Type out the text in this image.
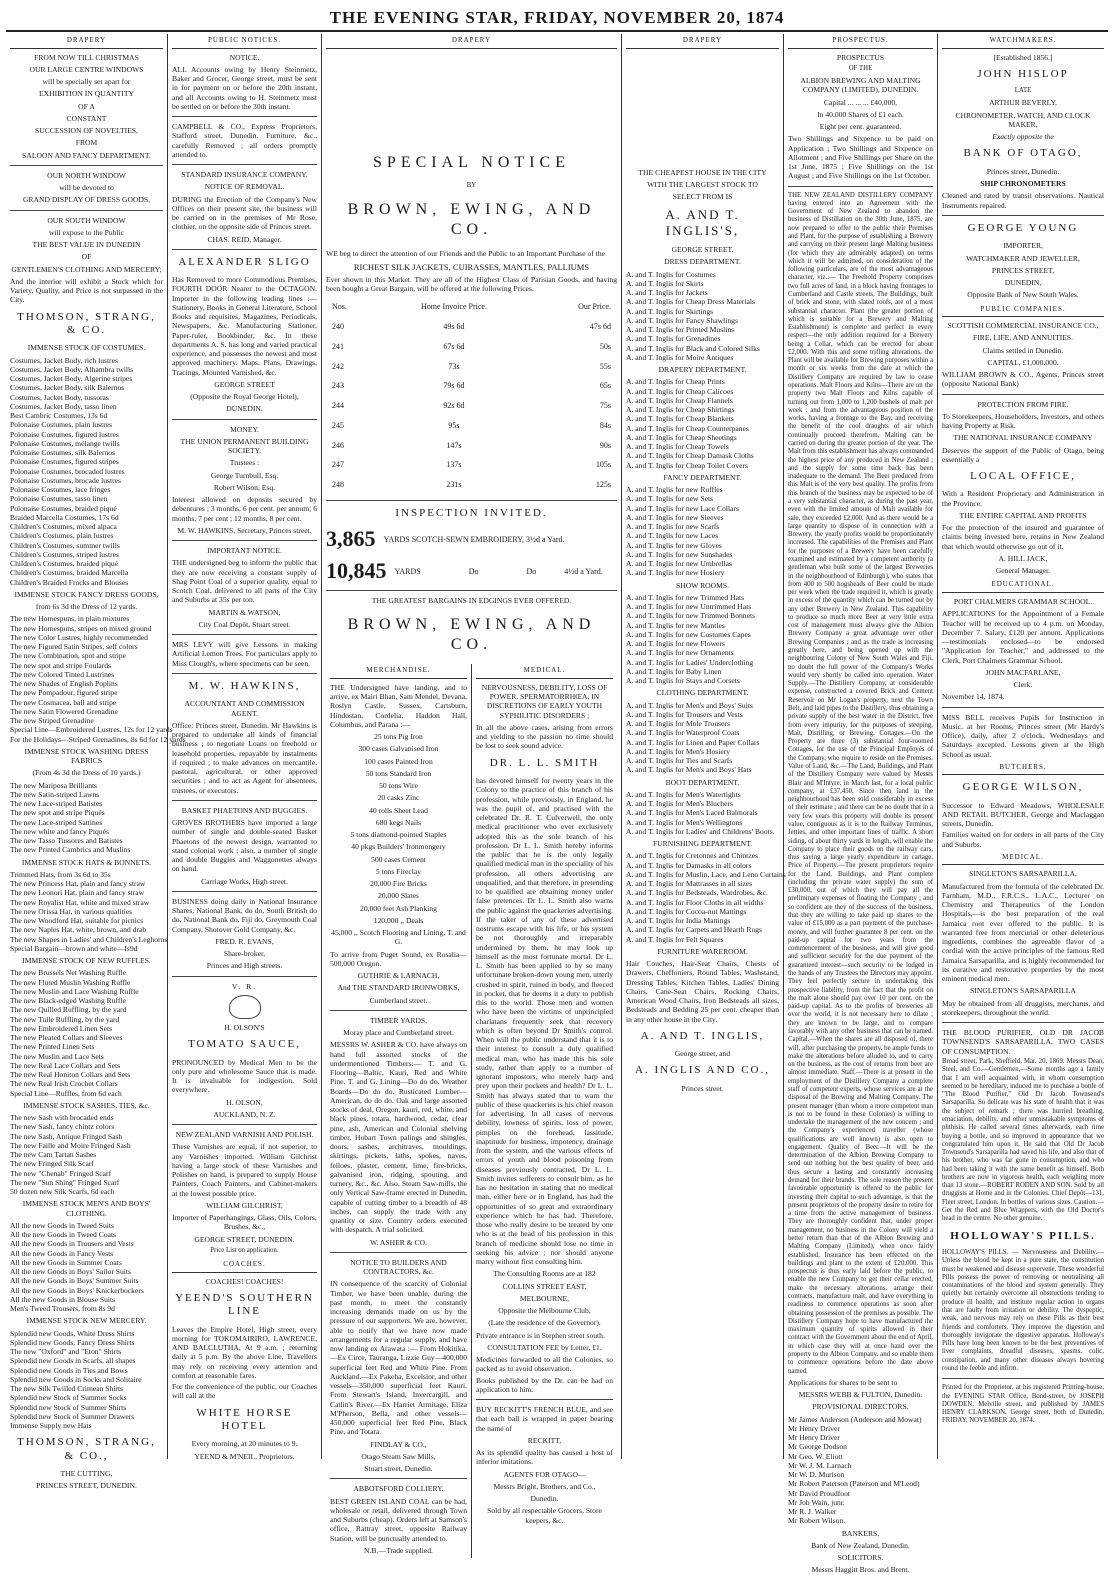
THE EVENING STAR, FRIDAY, NOVEMBER 20, 1874
DRAPERY
FROM NOW TILL CHRISTMAS
OUR LARGE CENTRE WINDOWS
will be specially set apart for
EXHIBITION IN QUANTITY
OF A
CONSTANT
SUCCESSION OF NOVELTIES,
FROM
SALOON AND FANCY DEPARTMENT.
OUR NORTH WINDOW
will be devoted to
GRAND DISPLAY OF DRESS GOODS,
OUR SOUTH WINDOW
will expose to the Public
THE BEST VALUE IN DUNEDIN
OF
GENTLEMEN'S CLOTHING AND MERCERY;

And the interior will exhibit a Stock which for Variety, Quality, and Price is not surpassed in the City.

THOMSON, STRANG, & CO.
IMMENSE STOCK OF COSTUMES.
Costumes, Jacket Body, rich lustres
Costumes, Jacket Body, Alhambra twills
Costumes, Jacket Body, Algerine stripes
Costumes, Jacket Body, silk Balernos
Costumes, Jacket Body, tussoras
Costumes, Jacket Body, tasso linen
Best Cambric Costumes, 13s 6d
Polonaise Costumes, plain lustres
Polonaise Costumes, figured lustres
Polonaise Costumes, mélange twills
Polonaise Costumes, silk Balernos
Polonaise Costumes, figured stripes
Polonaise Costumes, brocaded lustres
Polonaise Costumes, brocade lustres
Polonaise Costumes, lace fringes
Polonaise Costumes, tasso linen
Polonaise Costumes, braided piqué
Braided Marcella Costumes, 17s 6d
Children's Costumes, mixed alpaca
Children's Costumes, plain lustres
Children's Costumes, summer twills
Children's Costumes, striped lustres
Children's Costumes, braided piqué
Children's Costumes, braided Marcella
Children's Braided Frocks and Blouses
IMMENSE STOCK FANCY DRESS GOODS,
from 6s 3d the Dress of 12 yards.
The new Homespuns, in plain mixtures
The new Homespuns, stripes on mixed ground
The new Color Lustres, highly recommended
The new Figured Satin Stripes, self colors
The new Combination, spot and stripe
The new spot and stripe Foulards
The new Colored Tinted Lustrines
The new Shades of English Poplins
The new Pompadour, figured stripe
The new Cosmacea, ball and stripe
The new Satin Flowered Grenadine
The new Striped Grenadine
Special Line—Embroidered Lustres, 12s for 12 yards
For the Holidays—Striped Grenadines, 8s 6d for 12 yards
IMMENSE STOCK WASHING DRESS FABRICS
(From 4s 3d the Dress of 10 yards.)
The new Mariposa Brilliants
The new Satin-striped Lawns
The new Lace-striped Batistes
The new spot and stripe Piqués
The new Lace-striped Sattines
The new white and fancy Piqués
The new Tasso Tussores and Batistes
The new Printed Cambrics and Muslins
IMMENSE STOCK HATS & BONNETS.
Trimmed Hats, from 3s 6d to 35s
The new Princess Hat, plain and fancy straw
The new Leonori Hat, plain and fancy straw
The new Royalist Hat, white and mixed straw
The new Orissa Hat, in various qualities
The new Woodford Hat, suitable for picnics
The new Naples Hat, white, brown, and drab
The new Shapes in Ladies' and Children's Leghorns
Special Bargain—brown and white—Is9d
IMMENSE STOCK OF NEW RUFFLES.
The new Brussels Net Washing Ruffle
The new Fluted Muslin Washing Ruffle
The new Muslin and Lace Washing Ruffle
The new Black-edged Washing Ruffle
The new Quilled Ruffling, by the yard
The new Tulle Ruffling, by the yard
The new Embroidered Linen Sets
The new Pleated Collars and Sleeves
The new Printed Linen Sets
The new Muslin and Lace Sets
The new Real Lace Collars and Sets
The new Real Honiton Collars and Sets
The new Real Irish Crochet Collars
Special Line—Ruffles, from 6d each
IMMENSE STOCK SASHES, TIES, &c.
The new Sash with brocaded ends
The new Sash, fancy chintz colors
The new Sash, Antique Fringed Sash
The new Faille and Moire Fringed Sash
The new Cam Tartan Sashes
The new Fringed Silk Scarf
The new "Chenab" Fringed Scarf
The new "Sun Shing" Fringed Scarf
50 dozen new Silk Scarfs, 6d each
IMMENSE STOCK MEN'S AND BOYS' CLOTHING.
All the new Goods in Tweed Suits
All the new Goods in Tweed Coats
All the new Goods in Trousers and Vests
All the new Goods in Fancy Vests
All the new Goods in Summer Coats
All the new Goods in Boys' Sailor Suits
All the new Goods in Boys' Summer Suits
All the new Goods in Boys' Knickerbockers
All the new Goods in Blouse Suits
Men's Tweed Trousers, from 8s 9d
IMMENSE STOCK NEW MERCERY.
Splendid new Goods, White Dress Shirts
Splendid new Goods, Fancy Dress Shirts
The new "Oxford" and "Eton" Shirts
Splendid new Goods in Scarfs, all shapes
Splendid new Goods in Ties and Bows
Splendid new Goods in Socks and Solitaire
The new Silk Twilled Crimean Shirts
Splendid new Stock of Summer Socks
Splendid new Stock of Summer Shirts
Splendid new Stock of Summer Drawers
Immense Supply new Hats
THOMSON, STRANG, & CO.,
THE CUTTING,
PRINCES STREET, DUNEDIN.
PUBLIC NOTICES.
NOTICE.

ALL Accounts owing by Henry Steinmetz, Baker and Grocer, George street, must be sent in for payment on or before the 20th instant, and all Accounts owing to H. Steinmetz must be settled on or before the 30th instant.

CAMPBELL & CO., Express Proprietors, Stafford street, Dunedin. Furniture, &c., carefully Removed ; all orders promptly attended to.

STANDARD INSURANCE COMPANY.
NOTICE OF REMOVAL.

DURING the Erection of the Company's New Offices on their present site, the business will be carried on in the premises of Mr Rose, clothier, on the opposite side of Princes street.

CHAS. REID, Manager.
ALEXANDER SLIGO

Has Removed to more Commodious Premises, FOURTH DOOR Nearer to the OCTAGON. Importer in the following leading lines :— Stationery, Books in General Literature, School Books and requisites, Magazines, Periodicals, Newspapers, &c. Manufacturing Stationer, Paper-ruler, Bookbinder, &c. In these departments A. S. has long and varied practical experience, and possesses the newest and most approved machinery. Maps, Plans, Drawings, Tracings, Mounted Varnished, &c.

GEORGE STREET
(Opposite the Royal George Hotel),
DUNEDIN.
MONEY.
THE UNION PERMANENT BUILDING SOCIETY.
Trustees :
George Turnbull, Esq.
Robert Wilson, Esq.

Interest allowed on deposits secured by debentures ; 3 months, 6 per cent. per annum; 6 months, 7 per cent ; 12 months, 8 per cent.

M. W. HAWKINS, Secretary, Princes street.
IMPORTANT NOTICE.

THE undersigned beg to inform the public that they are now receiving a constant supply of Shag Point Coal of a superior quality, equal to Scotch Coal, delivered to all parts of the City and Suburbs at 35s per ton.

MARTIN & WATSON,
City Coal Depôt, Stuart street.

MRS LEVY will give Lessons in making Artificial Lemon Trees. For particulars apply to Miss Clough's, where specimens can be seen.

M. W. HAWKINS,
ACCOUNTANT AND COMMISSION AGENT.

Office: Princes street, Dunedin. Mr Hawkins is prepared to undertake all kinds of financial business ; to negotiate Loans on freehold or leasehold properties, repayable by instalments if required ; to make advances on mercantile, pastoral, agricultural, or other approved securities ; and to act as Agent for absentees, trustees, or executors.

BASKET PHAETONS AND BUGGIES.

GROVES BROTHERS have imported a large number of single and double-seated Basket Phaetons of the newest design, warranted to stand colonial work ; also, a number of single and double Buggies and Waggonettes always on hand.

Carriage Works, High street.

BUSINESS doing daily in National Insurance Shares, National Bank, do do, South British do do, National Bank do, Fiji do, Greymouth Coal Company, Shotover Gold Company, &c.

FRED. R. EVANS,
Share-broker,
Princes and High streets.
V. R.
H. OLSON'S
TOMATO SAUCE,

PRONOUNCED by Medical Men to be the only pure and wholesome Sauce that is made. It is invaluable for indigestion. Sold everywhere.

H. OLSON,
AUCKLAND, N. Z.
NEW ZEALAND VARNISH AND POLISH.

These Varnishes are equal, if not superior, to any Varnishes imported. William Gilchrist having a large stock of these Varnishes and Polishes on hand, is prepared to supply House Painters, Coach Painters, and Cabinet-makers at the lowest possible price.

WILLIAM GILCHRIST,
Importer of Paperhangings, Glass, Oils, Colors, Brushes, &c.,
GEORGE STREET, DUNEDIN.
Price List on application.
COACHES.
COACHES! COACHES!
YEEND'S SOUTHERN LINE

Leaves the Empire Hotel, High street, every morning for TOKOMAIRIRO, LAWRENCE, AND BALCLUTHA, At 9 a.m. ; returning daily at 5 p.m. By the above Line, Travellers may rely on receiving every attention and comfort at reasonable fares.

For the convenience of the public, our Coaches will call at the

WHITE HORSE HOTEL
Every morning, at 20 minutes to 9.
YEEND & M'NEIL, Proprietors.
DRAPERY
SPECIAL NOTICE
BY
BROWN, EWING, AND CO.

WE beg to direct the attention of our Friends and the Public to an Important Purchase of the

RICHEST SILK JACKETS, CUIRASSES, MANTLES, PALLIUMS

Ever shown in this Market. They are all of the Highest Class of Parisian Goods, and having been bought a Great Bargain, will be offered at the following Prices.

Nos.	Home Invoice Price.	Our Price.
240	49s 6d	47s 6d
241	67s 6d	50s
242	73s	55s
243	79s 6d	65s
244	92s 6d	75s
245	95s	84s
246	147s	90s
247	137s	105s
248	231s	125s
INSPECTION INVITED.
3,865 YARDS SCOTCH-SEWN EMBROIDERY, 3½d a Yard.
10,845 YARDS	Do	Do	4½d a Yard.
THE GREATEST BARGAINS IN EDGINGS EVER OFFERED.
BROWN, EWING, AND CO.
MERCHANDISE.

THE Undersigned have landing, and to arrive, ex Mairi Bhan, Sam Mendel, Devana, Roslyn Castle, Sussex, Cartsburn, Hindostan, Cordelia, Haddon Hall, Columbus, and Parana :—

25 tons Pig Iron
300 cases Galvanised Iron
100 cases Painted Iron
50 tons Standard Iron
50 tons Wire
20 casks Zinc
40 rolls Sheet Lead
680 kegs Nails
5 tons diamond-pointed Staples
40 pkgs Builders' Ironmongery
500 cases Cement
5 tons Fireclay
20,000 Fire Bricks
20,000 Slates
20,000 feet Ash Planking
120,000 ,, Deals
45,000 ,, Scotch Flooring and Lining, T. and G.

To arrive from Puget Sound, ex Rosalia—500,000 Oregon.

GUTHRIE & LARNACH,
And THE STANDARD IRONWORKS,
Cumberland street.
TIMBER YARDS,
Moray place and Cumberland street.

MESSRS W. ASHER & CO. have always on hand full assorted stocks of the undermentioned Timbers:— T. and G. Flooring—Baltic, Kauri, Red and White Pine. T. and G. Lining—Do do do. Weather Boards—Do do do. Rusticated Lumber—American, do do do. Oak and large assorted stocks of deal, Oregon, kauri, red, white, and black pines, totara, hardwood, cedar, clear pine, ash, American and Colonial shelving timber, Hobart Town palings and shingles, doors, sashes, architraves, mouldings, skirtings, pickets, laths, spokes, naves, felloes, plaster, cement, lime, fire-bricks, galvanised iron, ridging, spouting, and turnery, &c., &c. Also, Steam Saw-mills, the only Vertical Saw-frame erected in Dunedin, capable of cutting timber to a breadth of 48 inches, can supply the trade with any quantity or size. Country orders executed with despatch. A trial solicited.

W. ASHER & CO.
NOTICE TO BUILDERS AND CONTRACTORS, &c.

IN consequence of the scarcity of Colonial Timber, we have been unable, during the past month, to meet the constantly increasing demands made on us by the pressure of our supporters. We are, however, able to notify that we have now made arrangements for a regular supply, and have now landing ex Arawata :— From Hokitika.—Ex Circe, Tauranga, Lizzie Guy—400,000 superficial feet Red and White Pine. From Auckland.—Ex Pakeha, Excelsior, and other vessels—350,000 superficial feet Kauri. From Stewart's Island, Invercargill, and Catlin's River.—Ex Harriet Armitage, Eliza M'Pherson, Bella, and other vessels—450,000 superficial feet Red Pine, Black Pine, and Totara.

FINDLAY & CO.,
Otago Steam Saw Mills,
Stuart street, Dunedin.
ABBOTSFORD COLLIERY.

BEST GREEN ISLAND COAL can be had, wholesale or retail, delivered through Town and Suburbs (cheap). Orders left at Samson's office, Rattray street, opposite Railway Station, will be punctually attended to.

N.B.—Trade supplied.
MEDICAL.
NERVOUSNESS, DEBILITY, LOSS OF POWER, SPERMATORRHŒA, IN DISCRETIONS OF EARLY YOUTH SYPHILITIC DISORDERS ;

In all the above cases, arising from errors and yielding to the passion no time should be lost to seek sound advice.

DR. L. L. SMITH

has devoted himself for twenty years in the Colony to the practice of this branch of his profession, while previously, in England, he was the pupil of, and practised with the celebrated Dr. R. T. Culverwell, the only medical practitioner who ever exclusively adopted this as the sole branch of his profession. Dr L. L. Smith hereby informs the public that he is the only legally qualified medical man in the speciality of his profession, all others advertising are unqualified, and that therefore, in pretending to be qualified are obtaining money under false pretences. Dr L. L. Smith also warns the public against the quackeries advertising. If the taker of any of these advertised nostrums escape with his life, or his system be not thoroughly and irreparably undermined by them, he may look up himself as the most fortunate mortal. Dr L. L. Smith has been applied to by so many unfortunate broken-down young men, utterly crushed in spirit, ruined in body, and fleeced in pocket, that he deems it a duty to publish this to the world. Those men and women who have been the victims of unprincipled charlatans frequently seek that recovery which is often beyond Dr Smith's control. When will the public understand that it is to their interest to consult a duly qualified medical man, who has made this his sole study, rather than apply to a number of ignorant impostors, who merely harp and prey upon their pockets and health? Dr L. L. Smith has always stated that to warn the public of these quackeries is his chief reason for advertising. In all cases of nervous debility, lowness of spirits, loss of power, pimples on the forehead, lassitude, inaptitude for business, impotency, drainage from the system, and the various effects of errors of youth and blood poisoning from diseases previously contracted, Dr L. L. Smith invites sufferers to consult him, as he has no hesitation in stating that no medical man, either here or in England, has had the opportunities of so great and extraordinary experience which he has had. Therefore, those who really desire to be treated by one who is at the head of his profession in this branch of medicine should lose no time in seeking his advice ; nor should anyone marry without first consulting him.

The Consulting Rooms are at 182
COLLINS STREET EAST,
MELBOURNE,
Opposite the Melbourne Club,
(Late the residence of the Governor).

Private entrance is in Stephen street south.

CONSULTATION FEE by Letter, £1.

Medicines forwarded to all the Colonies, so packed as to avoid observation.

Books published by the Dr. can be had on application to him.

BUY RECKITT'S FRENCH BLUE, and see that each ball is wrapped in paper bearing the name of

RECKITT,

As its splendid quality has caused a host of inferior imitations.

AGENTS FOR OTAGO—
Messrs Bright, Brothers, and Co.,
Dunedin.
Sold by all respectable Grocers, Store keepers, &c.
DRAPERY
THE CHEAPEST HOUSE IN THE CITY
WITH THE LARGEST STOCK TO
SELECT FROM IS
A. AND T. INGLIS'S,
GEORGE STREET.
DRESS DEPARTMENT.
A. and T. Inglis for Costumes
A. and T. Inglis for Skirts
A. and T. Inglis for Jackets
A. and T. Inglis for Cheap Dress Materials
A. and T. Inglis for Skirtings
A. and T. Inglis for Fancy Shawlings
A. and T. Inglis for Printed Muslins
A. and T. Inglis for Grenadines
A. and T. Inglis for Black and Colored Silks
A. and T. Inglis for Moire Antiques
DRAPERY DEPARTMENT.
A. and T. Inglis for Cheap Prints
A. and T. Inglis for Cheap Calicoes
A. and T. Inglis for Cheap Flannels
A. and T. Inglis for Cheap Shirtings
A. and T. Inglis for Cheap Blankets
A. and T. Inglis for Cheap Counterpanes
A. and T. Inglis for Cheap Sheetings
A. and T. Inglis for Cheap Towels
A. and T. Inglis for Cheap Damask Cloths
A. and T. Inglis for Cheap Toilet Covers
FANCY DEPARTMENT.
A. and T. Inglis for new Ruffles
A. and T. Inglis for new Sets
A. and T. Inglis for new Lace Collars
A. and T. Inglis for new Sleeves
A. and T. Inglis for new Scarfs
A. and T. Inglis for new Laces
A. and T. Inglis for new Gloves
A. and T. Inglis for new Sunshades
A. and T. Inglis for new Umbrellas
A. and T. Inglis for new Hosiery
SHOW ROOMS.
A. and T. Inglis for new Trimmed Hats
A. and T. Inglis for new Untrimmed Hats
A. and T. Inglis for new Trimmed Bonnets
A. and T. Inglis for new Mantles
A. and T. Inglis for new Costumes Capes
A. and T. Inglis for new Flowers
A. and T. Inglis for new Ornaments
A. and T. Inglis for Ladies' Underclothing
A. and T. Inglis for Baby Linen
A. and T. Inglis for Stays and Corsets
CLOTHING DEPARTMENT.
A. and T. Inglis for Men's and Boys' Suits
A. and T. Inglis for Trousers and Vests
A. and T. Inglis for Mole Trousers
A. and T. Inglis for Waterproof Coats
A. and T. Inglis for Linen and Paper Collars
A. and T. Inglis for Men's Hosiery
A. and T. Inglis for Ties and Scarfs
A. and T. Inglis for Men's and Boys' Hats
BOOT DEPARTMENT.
A. and T. Inglis for Men's Watertights
A. and T. Inglis for Men's Bluchers
A. and T. Inglis for Men's Laced Balmorals
A. and T. Inglis for Men's Wellingtons
A. and T. Inglis for Ladies' and Childrens' Boots.
FURNISHING DEPARTMENT.
A. and T. Inglis for Cretonnes and Chintzes
A. and T. Inglis for Damasks in all colors
A. and T. Inglis for Muslin, Lace, and Leno Curtains
A. and T. Inglis for Mattrasses in all sizes
A. and T. Inglis for Bedsteads, Wardrobes, &c.
A. and T. Inglis for Floor Cloths in all widths
A. and T. Inglis for Cocoa-nut Mattings
A. and T. Inglis for India Mattings
A. and T. Inglis for Carpets and Hearth Rugs
A. and T. Inglis for Felt Squares
FURNITURE WAREROOM.

Hair Couches, Hair-Seat Chairs, Chests of Drawers, Cheffoniers, Round Tables, Washstand, Dressing Tables, Kitchen Tables, Ladies' Dining Chairs, Cane-Seat Chairs, Rocking Chairs, American Wood Chairs, Iron Bedsteads all sizes, Bedsteads and Bedding 25 per cent. cheaper than in any other house in the City.

A. AND T. INGLIS,
George street, and
A. INGLIS AND CO.,
Princes street.
PROSPECTUS.
PROSPECTUS
OF THE
ALBION BREWING AND MALTING COMPANY (LIMITED), DUNEDIN.
Capital ... ... ... £40,000,
In 40,000 Shares of £1 each.
Eight per cent. guaranteed.

Two Shillings and Sixpence to be paid on Application ; Two Shillings and Sixpence on Allotment ; and Five Shillings per Share on the 1st June, 1875 ; Five Shillings on the 1st August ; and Five Shillings on the 1st October.

THE NEW ZEALAND DISTILLERY COMPANY having entered into an Agreement with the Government of New Zealand to abandon the business of Distillation on the 30th June, 1875, are now prepared to offer to the public their Premises and Plant, for the purpose of establishing a Brewery and carrying on their present large Malting business (for which they are admirably adapted) on terms which it will be admitted, on consideration of the following particulars, are of the most advantageous character, viz.:— The Freehold Property comprises two full acres of land, in a block having frontages to Cumberland and Castle streets. The Buildings, built of brick and stone, with slated roofs, are of a most substantial character. Plant (the greater portion of which is suitable for a Brewery and Malting Establishment) is complete and perfect in every respect—the only addition required for a Brewery being a Cellar, which can be erected for about £2,000. With this and some trifling alterations, the Plant will be available for Brewing purposes within a month or six weeks from the date at which the Distillery Company are required by law to cease operations. Malt Floors and Kilns—There are on the property two Malt Floors and Kilns capable of turning out from 1,000 to 1,200 bushels of malt per week ; and from the advantageous position of the works, having a frontage to the Bay, and receiving the benefit of the cool draughts of air which continually proceed therefrom, Malting can be carried on during the greater portion of the year. The Malt from this establishment has always commanded the highest price of any produced in New Zealand ; and the supply for some time back has been inadequate to the demand. The Beer produced from this Malt is of the very best quality. The profits from this branch of the business may be expected to be of a very substantial character, as during the past year, even with the limited amount of Malt available for sale, they exceeded £2,000. And as there would be a large quantity to dispose of in connection with a Brewery, the yearly profits would be proportionately increased. The capabilities of the Premises and Plant for the purposes of a Brewery have been carefully examined and estimated by a competent authority (a gentleman who built some of the largest Breweries in the neighbourhood of Edinburgh), who states that from 400 to 500 hogsheads of Beer could be made per week when the trade required it, which is greatly in excess of the quantity which can be turned out by any other Brewery in New Zealand. This capability to produce so much more Beer at very little extra cost of management must always give the Albion Brewery Company a great advantage over other Brewing Companies ; and as the trade is increasing greatly here, and being opened up with the neighbouring Colony of New South Wales and Fiji, no doubt the full power of the Company's Works would very shortly be called into operation. Water Supply.—The Distillery Company, at considerable expense, constructed a covered Brick and Cement Reservoir on Mr Logan's property, next the Town Belt, and laid pipes to the Distillery, thus obtaining a private supply of the best water in the District, free from every impurity, for the purposes of steeping, Malt, Distilling, or Brewing. Cottages.—On the Property are three (3) substantial four-roomed Cottages, for the use of the Principal Employés of the Company, who require to reside on the Premises. Value of Land, &c.—The Land, Buildings, and Plant of the Distillery Company were valued by Messrs Blair and M'Intyre, in March last, for a local public company, at £37,450. Since then land in the neighbourhood has been sold considerably in excess of their estimate ; and there can be no doubt that in a very few years this property will double its present value, contiguous as it is to the Railway Terminus, Jetties, and other important lines of traffic. A short siding, of about thirty yards in length, will enable the Company to place their goods on the railway cars, thus saving a large yearly expenditure in cartage. Price of Property.—The present proprietors require for the Land, Buildings, and Plant complete (including the private water supply) the sum of £30,000, out of which they will pay all the preliminary expenses of floating the Company ; and so confident are they of the success of the business, that they are willing to take paid up shares to the value of £15,000 as a part payment of the purchase-money, and will further guarantee 8 per cent. on the paid-up capital for two years from the commencement of the business, and will give good and sufficient security for the due payment of the guaranteed interest—such security to be lodged in the hands of any Trustees the Directors may appoint. They feel perfectly secure in undertaking this prospective liability, from the fact that the profit on the malt alone should pay over 10 per cent. on the paid-up capital. As to the profits of breweries all over the world, it is not necessary here to dilate ; they are known to be large, and to compare favorably with any other business that can be named. Capital.—When the shares are all disposed of, there will, after purchasing the property, be ample funds to make the alterations before alluded to, and to carry on the business, as the cost of returns from beer are almost immediate. Staff.—There is at present in the employment of the Distillery Company a complete staff of competent experts, whose services are at the disposal of the Brewing and Malting Company. The present manager (than whom a more competent man is not to be found in these Colonies) is willing to undertake the management of the new concern ; and the Company's experienced traveller (whose qualifications are well known) is also open to engagement. Quality of Beer.—It will be the determination of the Albion Brewing Company to send out nothing but the best quality of beer, and thus secure a lasting and constantly increasing demand for their brands. The sole reason the present favourable opportunity is offered to the public for investing their capital to such advantage, is that the present proprietors of the property desire to retire for a time from the active management of business. They are thoroughly confident that, under proper management, no business in the Colony will yield a better return than that of the Albion Brewing and Malting Company (Limited), when once fairly established. Insurance has been effected on the buildings and plant to the extent of £20,000. This prospectus is thus early laid before the public, to enable the new Company to get their cellar erected, make the necessary alterations, arrange their contracts, manufacture malt, and have everything in readiness to commence operations as soon after obtaining possession of the premises as possible. The Distillery Company hope to have manufactured the maximum quantity of spirits allowed in their contract with the Government about the end of April, in which case they will at once hand over the property to the Albion Company, and so enable them to commence operations before the date above named.

Applications for shares to be sent to

MESSRS WEBB & FULTON, Dunedin.
PROVISIONAL DIRECTORS.
Mr James Anderson (Anderson and Mowat)
Mr Henry Driver
Mr Henry Driver
Mr George Dodson
Mr Geo. W. Eliott
Mr W. J. M. Larnach
Mr W. D. Murison
Mr Robert Paterson (Paterson and M'Leod)
Mr David Proudfoot
Mr Job Wain, junr.
Mr R. J. Walker
Mr Robert Wilson.
BANKERS,
Bank of New Zealand, Dunedin.
SOLICITORS.
Messrs Haggitt Bros. and Brent.
WATCHMAKERS.
[Established 1856.]
JOHN HISLOP
LATE
ARTHUR BEVERLY,
CHRONOMETER, WATCH, AND CLOCK MAKER,
Exactly opposite the
BANK OF OTAGO,
Princes street, Dunedin.
SHIP CHRONOMETERS

Cleaned and rated by transit observations. Nautical Instruments repaired.

GEORGE YOUNG
IMPORTER,
WATCHMAKER AND JEWELLER,
PRINCES STREET,
DUNEDIN,
Opposite Bank of New South Wales.
PUBLIC COMPANIES.
SCOTTISH COMMERCIAL INSURANCE CO.,
FIRE, LIFE, AND ANNUITIES.
Claims settled in Dunedin.
CAPITAL, £1,000,000.

WILLIAM BROWN & CO., Agents, Princes street (opposite National Bank)

PROTECTION FROM FIRE.

To Storekeepers, Householders, Investors, and others having Property at Risk.

THE NATIONAL INSURANCE COMPANY

Deserves the support of the Public of Otago, being essentially a

LOCAL OFFICE,

With a Resident Proprietary and Administration in the Province.

THE ENTIRE CAPITAL AND PROFITS

For the protection of the insured and guarantee of claims being invested here, retains in New Zealand that which would otherwise go out of it.

A. HILL JACK,
General Manager.
EDUCATIONAL.
PORT CHALMERS GRAMMAR SCHOOL.

APPLICATIONS for the Appointment of a Female Teacher will be received up to 4 p.m. on Monday, December 7. Salary, £120 per annum. Applications—testimonials enclosed—to be endorsed "Application for Teacher," and addressed to the Clerk, Port Chalmers Grammar School.

JOHN MACFARLANE,
Clerk.
November 14, 1874.

MISS BELL receives Pupils for Instruction in Music, at her Rooms, Princes street (Mr Hardy's Office), daily, after 2 o'clock, Wednesdays and Saturdays excepted. Lessons given at the High School as usual.

BUTCHERS.
GEORGE WILSON,

Successor to Edward Meadows, WHOLESALE AND RETAIL BUTCHER, George and Maclaggan streets, Dunedin.

Families waited on for orders in all parts of the City and Suburbs.

MEDICAL.
SINGLETON'S SARSAPARILLA,

Manufactured from the formula of the celebrated Dr. Farnham, M.D., F.R.C.S., L.A.C., Lecturer on Chemistry and Therapeutics of the London Hospitals,—is the best preparation of the real Jamaica root ever offered to the public. It is warranted free from mercurial or other deleterious ingredients, combines the agreeable flavor of a cordial with the active principles of the famous Red Jamaica Sarsaparilla, and is highly recommended for its curative and restorative properties by the most eminent medical men.

SINGLETON'S SARSAPARILLA

May be obtained from all druggists, merchants, and storekeepers, throughout the world.

THE BLOOD PURIFIER, OLD DR JACOB TOWNSEND'S SARSAPARILLA. TWO CASES OF CONSUMPTION.

Broad street, Park, Sheffield, Mar. 20, 1869. Messrs Dean, Steel, and Co.—Gentlemen,—Some months ago a family that I am well acquainted with, in whom consumption seemed to be hereditary, induced me to purchase a bottle of "The Blood Purifier," Old Dr Jacob Townsend's Sarsaparilla. So delicate was his state of health that it was the subject of remark ; there was hurried breathing, emaciation, debility, and other unmistakable symptoms of phthisis. He called several times afterwards, each time buying a bottle, and so improved in appearance that we congratulated him upon it. He said that Old Dr Jacob Townsend's Sarsaparilla had saved his life, and also that of his brother, who was far gone in consumption, and who had been taking it with the same benefit as himself. Both brothers are now in vigorous health, each weighing more than 13 stone.—ROBERT RODEN AND SON. Sold by all druggists at Home and in the Colonies. Chief Depôt—131, Fleet street, London. In bottles of various sizes. Caution.—Get the Red and Blue Wrappers, with the Old Doctor's head in the centre. No other genuine.

HOLLOWAY'S PILLS.

HOLLOWAY'S PILLS. — Nervousness and Debility.—Unless the blood be kept in a pure state, the constitution must be weakened and disease supervene. These wonderful Pills possess the power of removing or neutralising all contaminations of the blood and system generally. They quietly but certainly overcome all obstructions tending to produce ill health, and institute regular action in organs that are faulty from irritation or debility. The dyspeptic, weak, and nervous may rely on these Pills as their best friends and comforters. They improve the digestion and thoroughly invigorate the digestive apparatus. Holloway's Pills have long been known to be the best preventives of liver complaints, dreadful diseases, spasms, colic, constipation, and many other diseases always hovering round the feeble and infirm.

Printed for the Proprietor, at his registered Printing-house, the EVENING STAR Office, Bond-street, by JOSEPH DOWDEN, Melville street, and published by JAMES HENRY CLARKSON, George street, both of Dunedin, FRIDAY, NOVEMBER 20, 1874.
